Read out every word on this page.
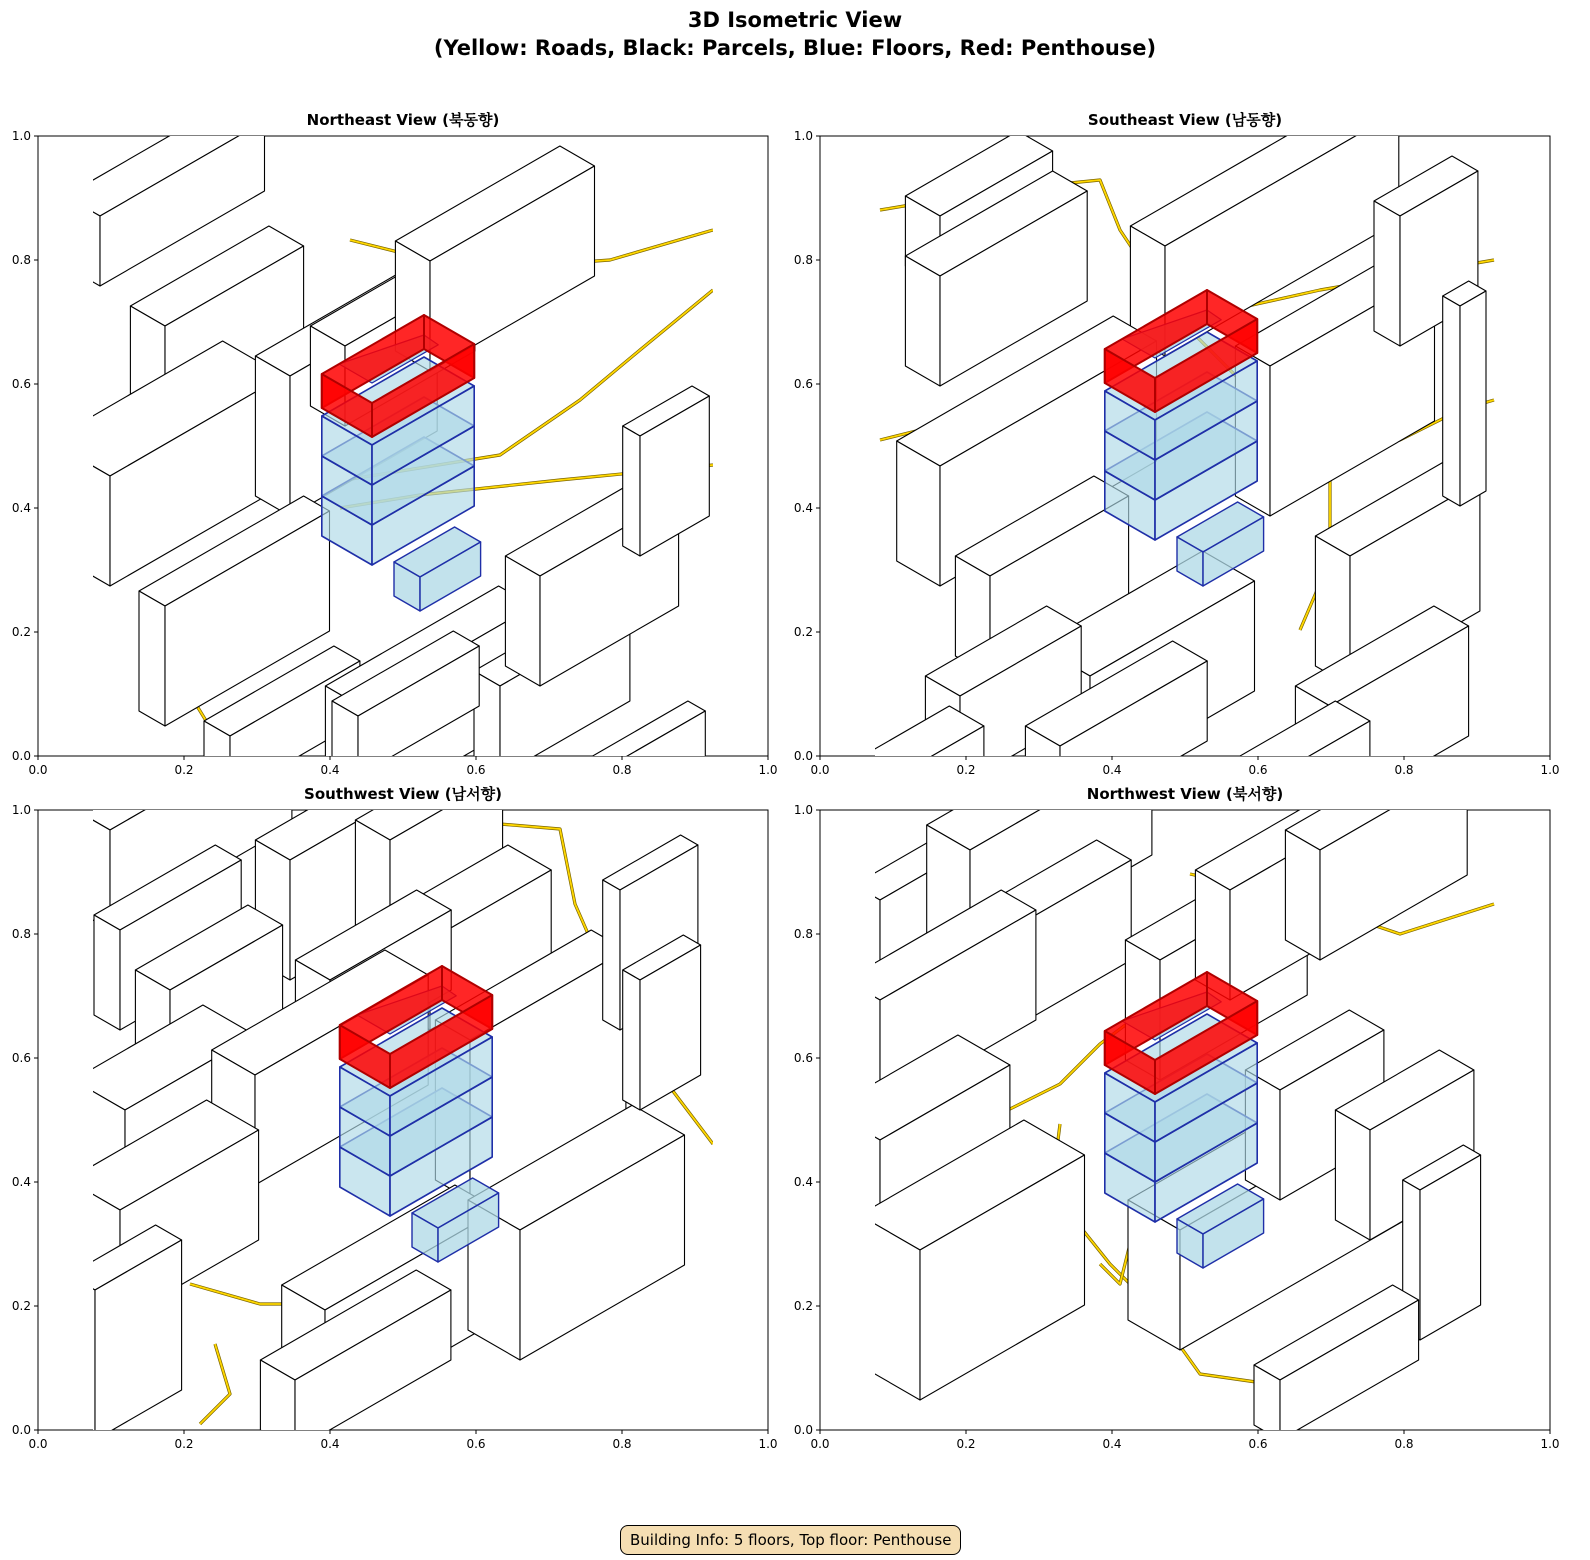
3D Isometric View
(Yellow: Roads, Black: Parcels, Blue: Floors, Red: Penthouse)
Northeast View (북동향)
0.0	0.2	0.4	0.6	0.8	1.0
0.0
0.2
0.4
0.6
0.8
1.0
Southeast View (남동향)
0.0	0.2	0.4	0.6	0.8	1.0
0.0
0.2
0.4
0.6
0.8
1.0
Southwest View (남서향)
0.0	0.2	0.4	0.6	0.8	1.0
0.0
0.2
0.4
0.6
0.8
1.0
Northwest View (북서향)
0.0	0.2	0.4	0.6	0.8	1.0
0.0
0.2
0.4
0.6
0.8
1.0
Building Info: 5 floors, Top floor: Penthouse
